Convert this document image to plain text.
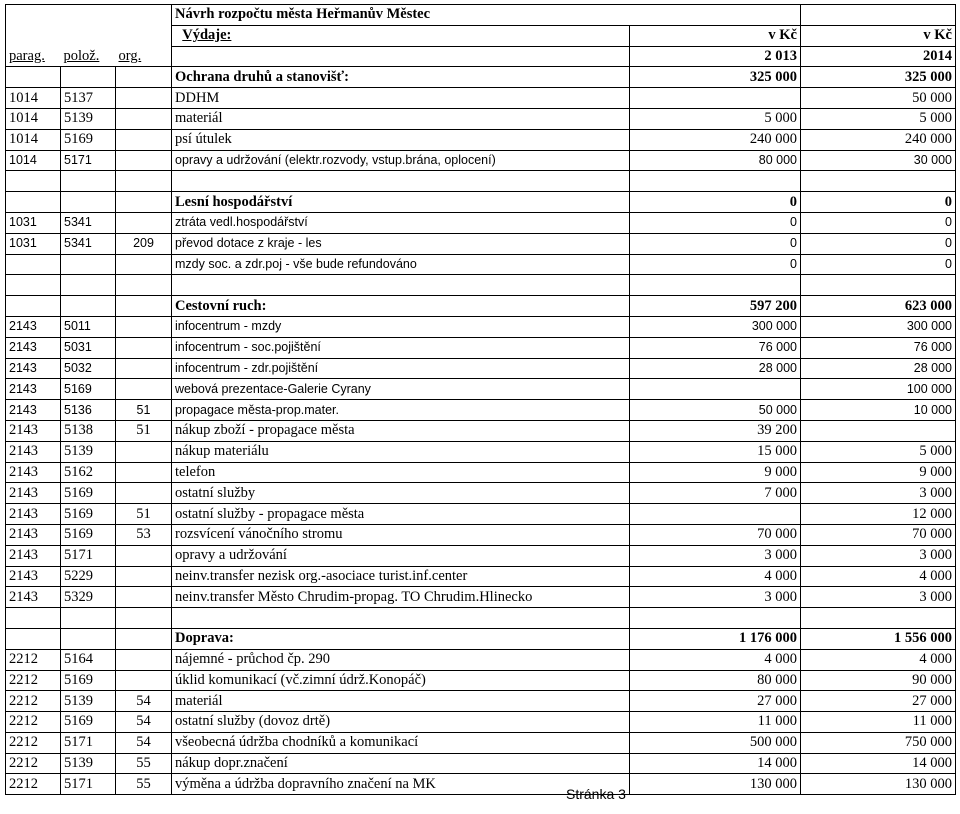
			Návrh rozpočtu města Heřmanův Městec		
			Výdaje:	v Kč	v Kč
parag.	polož.	org.		2 013	2014
			Ochrana druhů a stanovišť:	325 000	325 000
1014	5137		DDHM		50 000
1014	5139		materiál	5 000	5 000
1014	5169		psí útulek	240 000	240 000
1014	5171		opravy a udržování (elektr.rozvody, vstup.brána, oplocení)	80 000	30 000

			Lesní hospodářství	0	0
1031	5341		ztráta vedl.hospodářství	0	0
1031	5341	209	převod dotace z kraje - les	0	0
			mzdy soc. a zdr.poj - vše bude refundováno	0	0

			Cestovní ruch:	597 200	623 000
2143	5011		infocentrum - mzdy	300 000	300 000
2143	5031		infocentrum - soc.pojištění	76 000	76 000
2143	5032		infocentrum - zdr.pojištění	28 000	28 000
2143	5169		webová prezentace-Galerie Cyrany		100 000
2143	5136	51	propagace města-prop.mater.	50 000	10 000
2143	5138	51	nákup zboží - propagace města	39 200	
2143	5139		nákup materiálu	15 000	5 000
2143	5162		telefon	9 000	9 000
2143	5169		ostatní služby	7 000	3 000
2143	5169	51	ostatní služby - propagace města		12 000
2143	5169	53	rozsvícení vánočního stromu	70 000	70 000
2143	5171		opravy a udržování	3 000	3 000
2143	5229		neinv.transfer nezisk org.-asociace turist.inf.center	4 000	4 000
2143	5329		neinv.transfer Město Chrudim-propag. TO Chrudim.Hlinecko	3 000	3 000

			Doprava:	1 176 000	1 556 000
2212	5164		nájemné - průchod čp. 290	4 000	4 000
2212	5169		úklid komunikací (vč.zimní údrž.Konopáč)	80 000	90 000
2212	5139	54	materiál	27 000	27 000
2212	5169	54	ostatní služby (dovoz drtě)	11 000	11 000
2212	5171	54	všeobecná údržba chodníků a komunikací	500 000	750 000
2212	5139	55	nákup dopr.značení	14 000	14 000
2212	5171	55	výměna a údržba dopravního značení na MK	130 000	130 000
Stránka 3
